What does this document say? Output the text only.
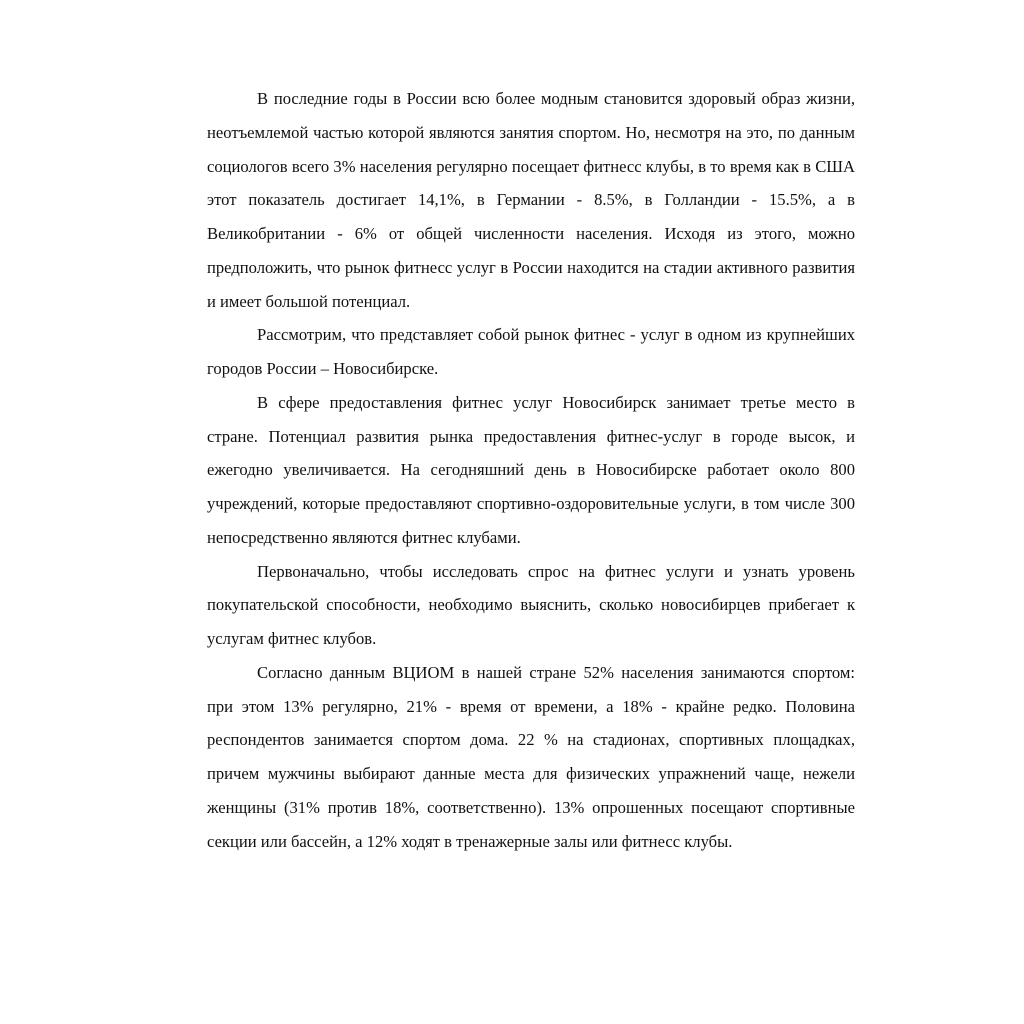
В последние годы в России всю более модным становится здоровый образ жизни, неотъемлемой частью которой являются занятия спортом. Но, несмотря на это, по данным социологов всего 3% населения регулярно посещает фитнесс клубы, в то время как в США этот показатель достигает 14,1%, в Германии - 8.5%, в Голландии - 15.5%, а в Великобритании - 6% от общей численности населения. Исходя из этого, можно предположить, что рынок фитнесс услуг в России находится на стадии активного развития и имеет большой потенциал.

Рассмотрим, что представляет собой рынок фитнес - услуг в одном из крупнейших городов России – Новосибирске.

В сфере предоставления фитнес услуг Новосибирск занимает третье место в стране. Потенциал развития рынка предоставления фитнес-услуг в городе высок, и ежегодно увеличивается. На сегодняшний день в Новосибирске работает около 800 учреждений, которые предоставляют спортивно-оздоровительные услуги, в том числе 300 непосредственно являются фитнес клубами.

Первоначально, чтобы исследовать спрос на фитнес услуги и узнать уровень покупательской способности, необходимо выяснить, сколько новосибирцев прибегает к услугам фитнес клубов.

Согласно данным ВЦИОМ в нашей стране 52% населения занимаются спортом: при этом 13% регулярно, 21% - время от времени, а 18% - крайне редко. Половина респондентов занимается спортом дома. 22 % на стадионах, спортивных площадках, причем мужчины выбирают данные места для физических упражнений чаще, нежели женщины (31% против 18%, соответственно). 13% опрошенных посещают спортивные секции или бассейн, а 12% ходят в тренажерные залы или фитнесс клубы.
